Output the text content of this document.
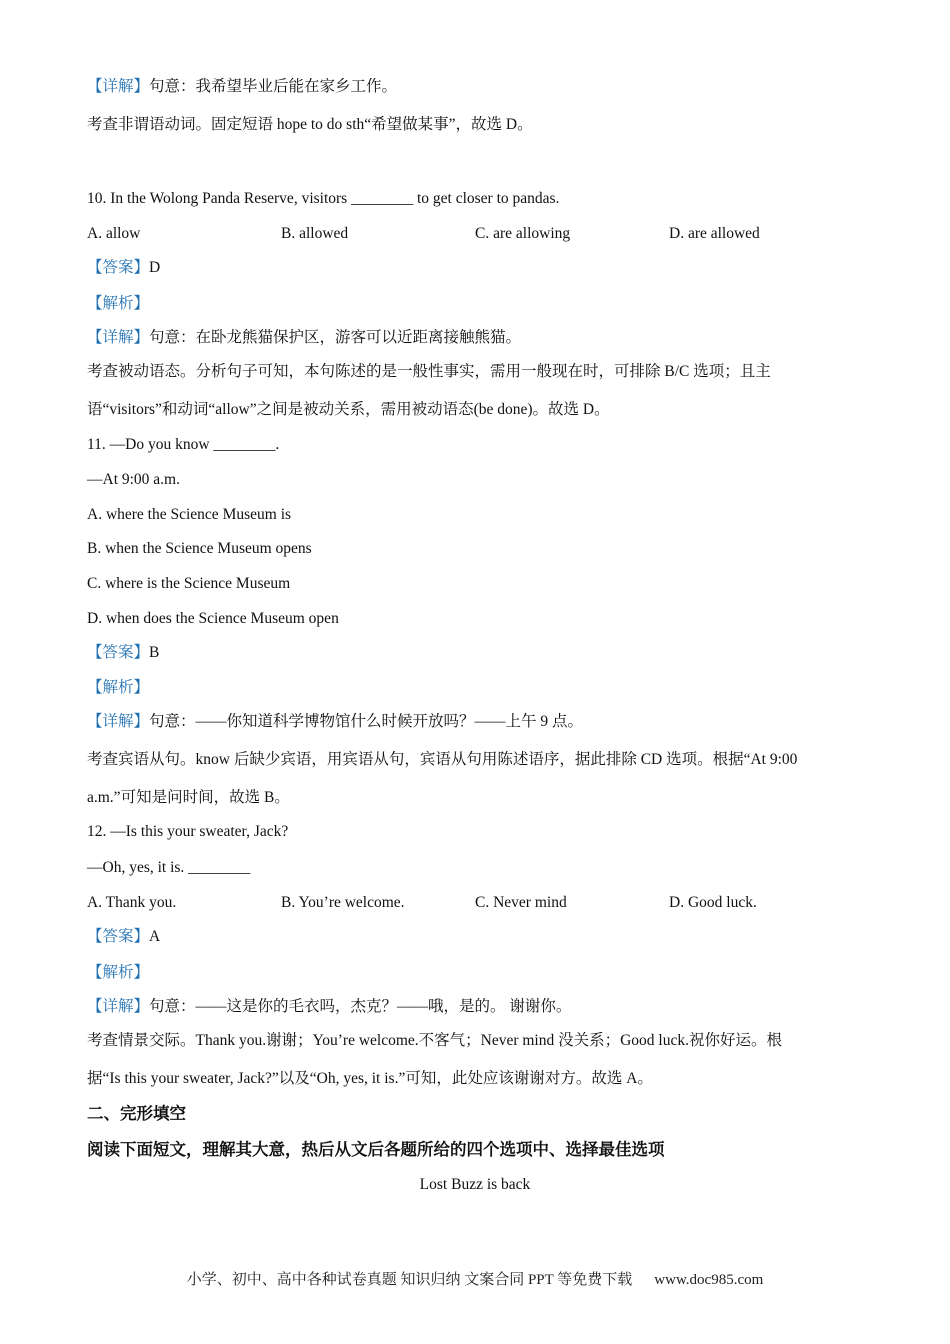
【详解】句意：我希望毕业后能在家乡工作。
考查非谓语动词。固定短语 hope to do sth“希望做某事”，故选 D。
10. In the Wolong Panda Reserve, visitors ________ to get closer to pandas.
A. allow	B. allowed	C. are allowing	D. are allowed
【答案】D
【解析】
【详解】句意：在卧龙熊猫保护区，游客可以近距离接触熊猫。
考查被动语态。分析句子可知，本句陈述的是一般性事实，需用一般现在时，可排除 B/C 选项；且主
语“visitors”和动词“allow”之间是被动关系，需用被动语态(be done)。故选 D。
11. —Do you know ________.
—At 9:00 a.m.
A. where the Science Museum is
B. when the Science Museum opens
C. where is the Science Museum
D. when does the Science Museum open
【答案】B
【解析】
【详解】句意：——你知道科学博物馆什么时候开放吗？——上午 9 点。
考查宾语从句。know 后缺少宾语，用宾语从句，宾语从句用陈述语序，据此排除 CD 选项。根据“At 9:00
a.m.”可知是问时间，故选 B。
12. —Is this your sweater, Jack?
—Oh, yes, it is. ________
A. Thank you.	B. You’re welcome.	C. Never mind	D. Good luck.
【答案】A
【解析】
【详解】句意：——这是你的毛衣吗，杰克？——哦，是的。 谢谢你。
考查情景交际。Thank you.谢谢；You’re welcome.不客气；Never mind 没关系；Good luck.祝你好运。根
据“Is this your sweater, Jack?”以及“Oh, yes, it is.”可知，此处应该谢谢对方。故选 A。
二、完形填空
阅读下面短文，理解其大意，热后从文后各题所给的四个选项中、选择最佳选项
Lost Buzz is back
小学、初中、高中各种试卷真题 知识归纳 文案合同 PPT 等免费下载 www.doc985.com
